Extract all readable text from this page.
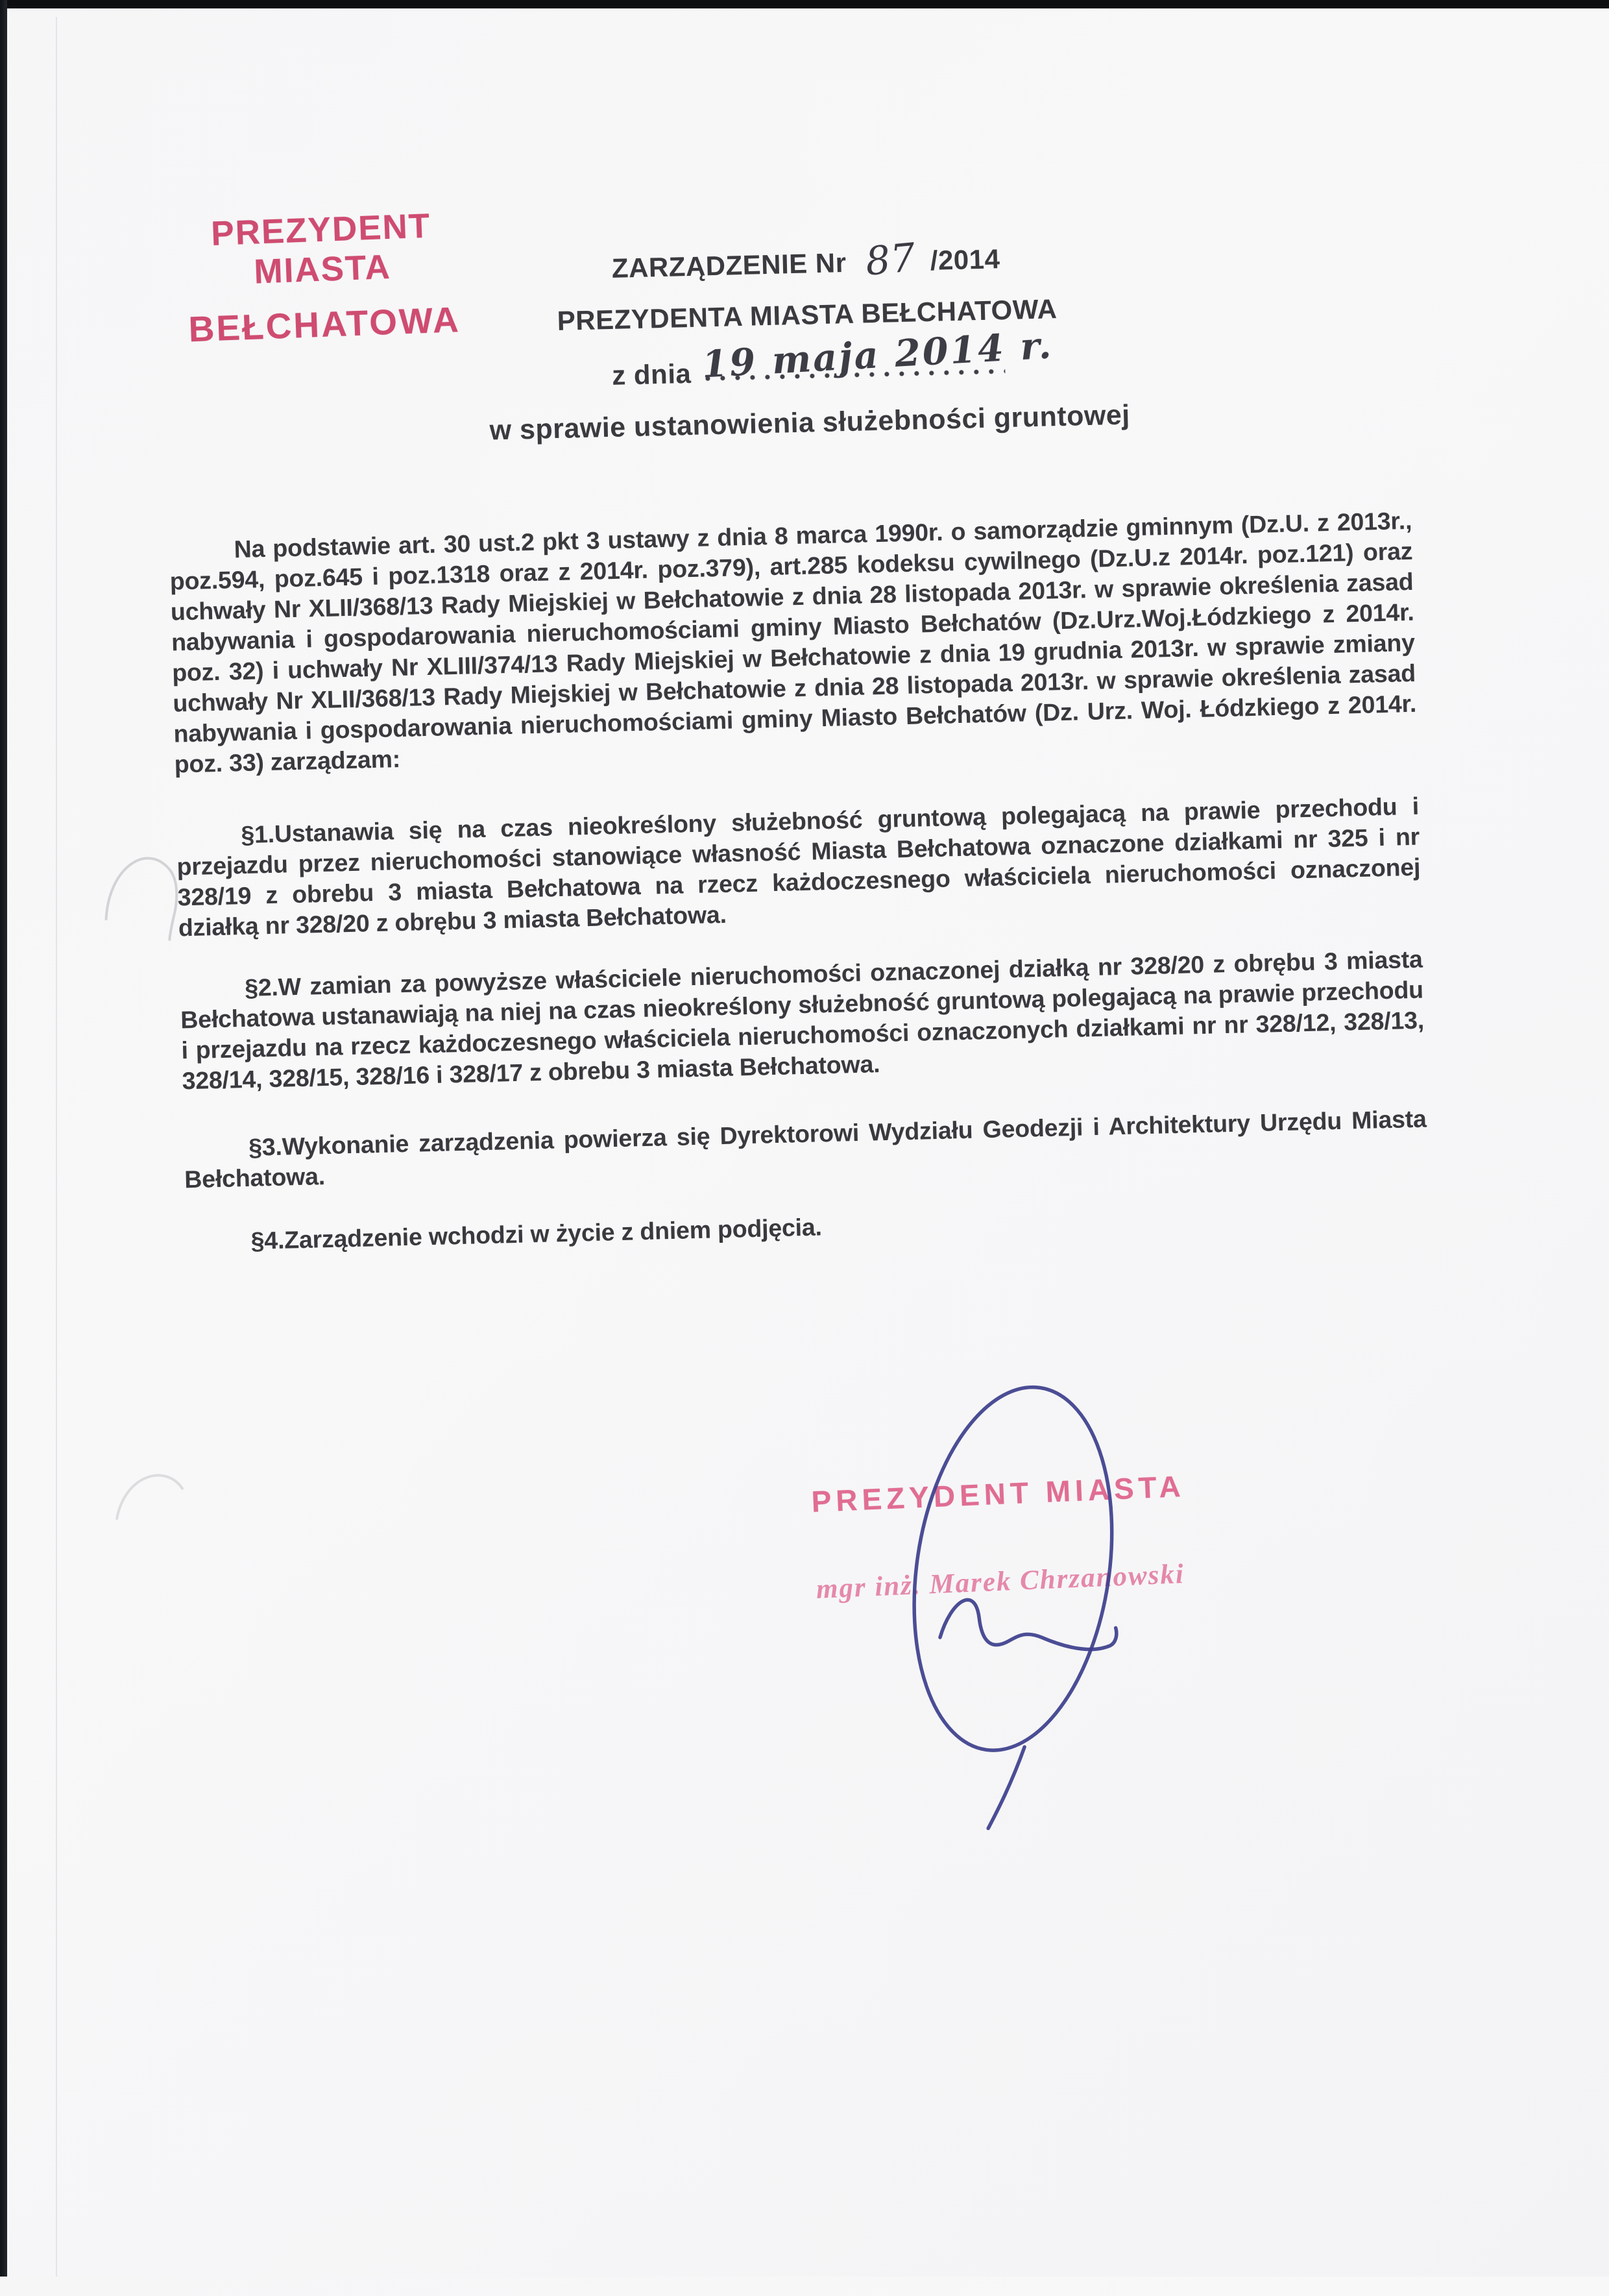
PREZYDENT MIASTA
BEŁCHATOWA
ZARZĄDZENIE Nr 87 /2014
PREZYDENTA MIASTA BEŁCHATOWA
z dnia 19 maja 2014 r.
w sprawie ustanowienia służebności gruntowej

Na podstawie art. 30 ust.2 pkt 3 ustawy z dnia 8 marca 1990r. o samorządzie gminnym (Dz.U. z 2013r., poz.594, poz.645 i poz.1318 oraz z 2014r. poz.379), art.285 kodeksu cywilnego (Dz.U.z 2014r. poz.121) oraz uchwały Nr XLII/368/13 Rady Miejskiej w Bełchatowie z dnia 28 listopada 2013r. w sprawie określenia zasad nabywania i gospodarowania nieruchomościami gminy Miasto Bełchatów (Dz.Urz.Woj.Łódzkiego z 2014r. poz. 32) i uchwały Nr XLIII/374/13 Rady Miejskiej w Bełchatowie z dnia 19 grudnia 2013r. w sprawie zmiany uchwały Nr XLII/368/13 Rady Miejskiej w Bełchatowie z dnia 28 listopada 2013r. w sprawie określenia zasad nabywania i gospodarowania nieruchomościami gminy Miasto Bełchatów (Dz. Urz. Woj. Łódzkiego z 2014r. poz. 33) zarządzam:

§1.Ustanawia się na czas nieokreślony służebność gruntową polegajacą na prawie przechodu i przejazdu przez nieruchomości stanowiące własność Miasta Bełchatowa oznaczone działkami nr 325 i nr 328/19 z obrebu 3 miasta Bełchatowa na rzecz każdoczesnego właściciela nieruchomości oznaczonej działką nr 328/20 z obrębu 3 miasta Bełchatowa.

§2.W zamian za powyższe właściciele nieruchomości oznaczonej działką nr 328/20 z obrębu 3 miasta Bełchatowa ustanawiają na niej na czas nieokreślony służebność gruntową polegajacą na prawie przechodu i przejazdu na rzecz każdoczesnego właściciela nieruchomości oznaczonych działkami nr nr 328/12, 328/13, 328/14, 328/15, 328/16 i 328/17 z obrebu 3 miasta Bełchatowa.

§3.Wykonanie zarządzenia powierza się Dyrektorowi Wydziału Geodezji i Architektury Urzędu Miasta Bełchatowa.

§4.Zarządzenie wchodzi w życie z dniem podjęcia.

PREZYDENT MIASTA
mgr inż. Marek Chrzanowski
